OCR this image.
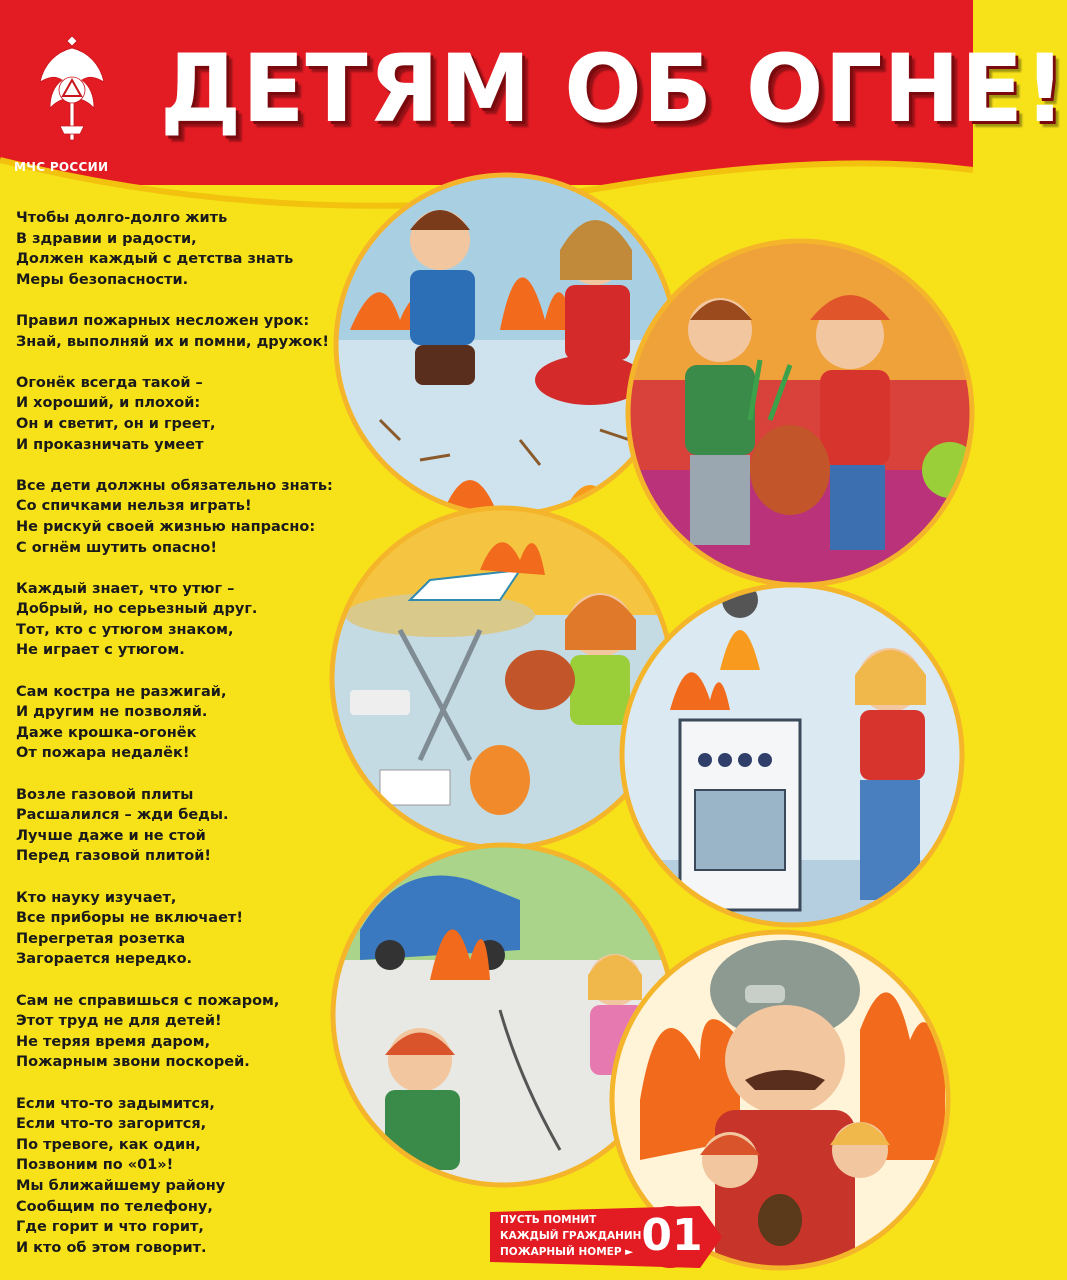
МЧС РОССИИ
ДЕТЯМ ОБ ОГНЕ!
Чтобы долго-долго жить
В здравии и радости,
Должен каждый с детства знать
Меры безопасности.
Правил пожарных несложен урок:
Знай, выполняй их и помни, дружок!
Огонёк всегда такой –
И хороший, и плохой:
Он и светит, он и греет,
И проказничать умеет
Все дети должны обязательно знать:
Со спичками нельзя играть!
Не рискуй своей жизнью напрасно:
С огнём шутить опасно!
Каждый знает, что утюг –
Добрый, но серьезный друг.
Тот, кто с утюгом знаком,
Не играет с утюгом.
Сам костра не разжигай,
И другим не позволяй.
Даже крошка-огонёк
От пожара недалёк!
Возле газовой плиты
Расшалился – жди беды.
Лучше даже и не стой
Перед газовой плитой!
Кто науку изучает,
Все приборы не включает!
Перегретая розетка
Загорается нередко.
Сам не справишься с пожаром,
Этот труд не для детей!
Не теряя время даром,
Пожарным звони поскорей.
Если что-то задымится,
Если что-то загорится,
По тревоге, как один,
Позвоним по «01»!
Мы ближайшему району
Сообщим по телефону,
Где горит и что горит,
И кто об этом говорит.
ПУСТЬ ПОМНИТ
КАЖДЫЙ ГРАЖДАНИН
ПОЖАРНЫЙ НОМЕР ► 01
